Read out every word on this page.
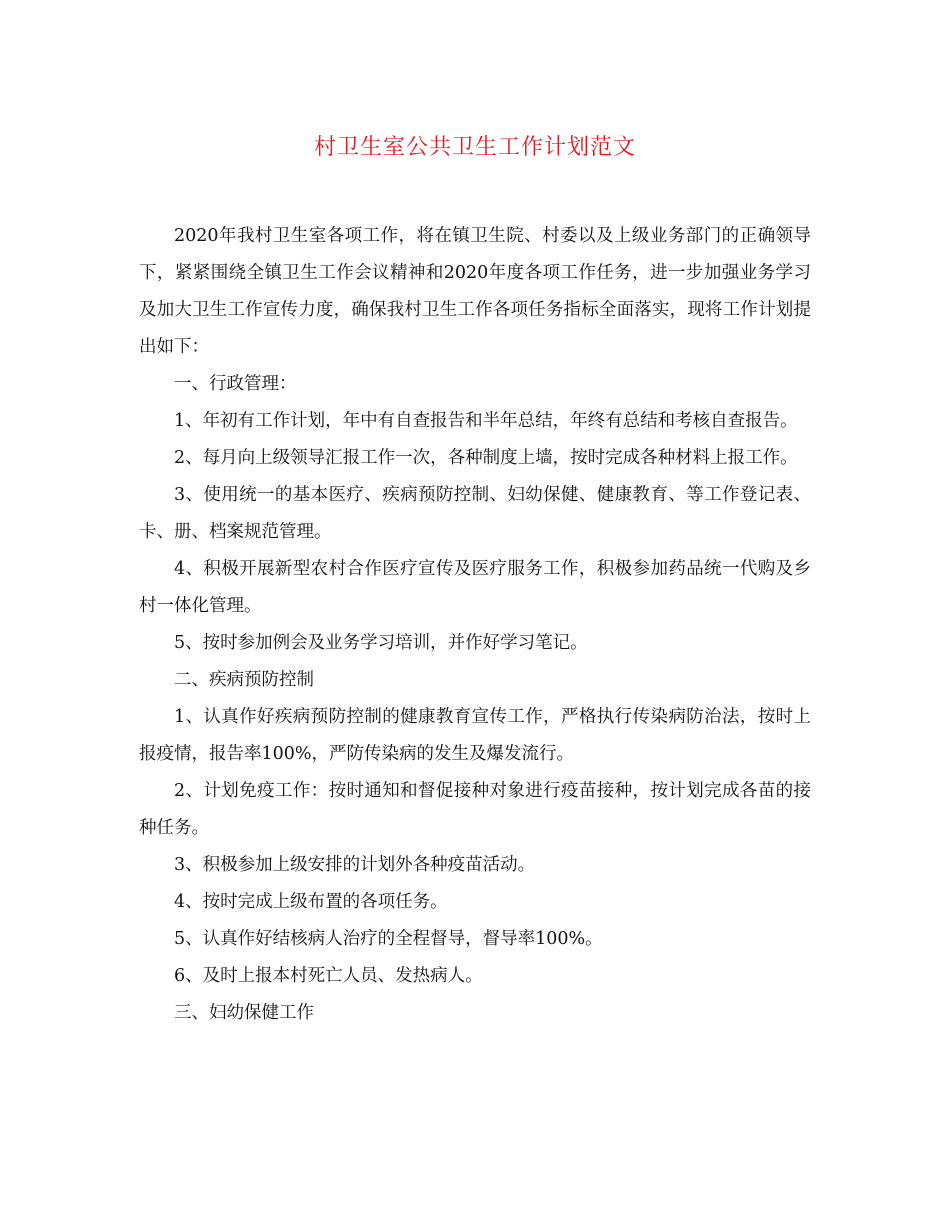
村卫生室公共卫生工作计划范文

2020年我村卫生室各项工作，将在镇卫生院、村委以及上级业务部门的正确领导下，紧紧围绕全镇卫生工作会议精神和2020年度各项工作任务，进一步加强业务学习及加大卫生工作宣传力度，确保我村卫生工作各项任务指标全面落实，现将工作计划提出如下：

一、行政管理：

1、年初有工作计划，年中有自查报告和半年总结，年终有总结和考核自查报告。

2、每月向上级领导汇报工作一次，各种制度上墙，按时完成各种材料上报工作。

3、使用统一的基本医疗、疾病预防控制、妇幼保健、健康教育、等工作登记表、卡、册、档案规范管理。

4、积极开展新型农村合作医疗宣传及医疗服务工作，积极参加药品统一代购及乡村一体化管理。

5、按时参加例会及业务学习培训，并作好学习笔记。

二、疾病预防控制

1、认真作好疾病预防控制的健康教育宣传工作，严格执行传染病防治法，按时上报疫情，报告率100%，严防传染病的发生及爆发流行。

2、计划免疫工作：按时通知和督促接种对象进行疫苗接种，按计划完成各苗的接种任务。

3、积极参加上级安排的计划外各种疫苗活动。

4、按时完成上级布置的各项任务。

5、认真作好结核病人治疗的全程督导，督导率100%。

6、及时上报本村死亡人员、发热病人。

三、妇幼保健工作
